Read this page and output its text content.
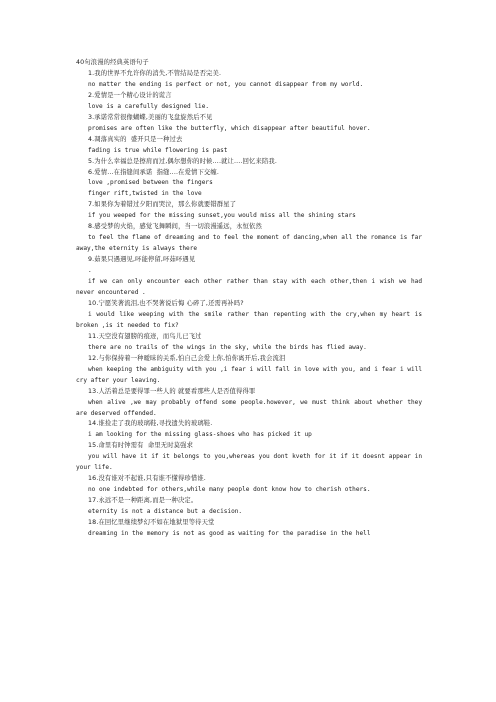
40句浪漫的经典英语句子

1.我的世界不允许你的消失,不管结局是否完美.

no matter the ending is perfect or not, you cannot disappear from my world.

2.爱情是一个精心设计的谎言

love is a carefully designed lie.

3.承诺常常很像蝴蝶,美丽的飞盘旋然后不见

promises are often like the butterfly, which disappear after beautiful hover.

4.凋落真实的  盛开只是一种过去

fading is true while flowering is past

5.为什么幸福总是擦肩而过,偶尔想你的时候....就让....回忆来陪我.

6.爱情...在指缝间承诺  指缝....在爱情下交缠.

love ,promised between the fingers

finger rift,twisted in the love

7.如果你为着错过夕阳而哭泣，那么你就要错群星了

if you weeped for the missing sunset,you would miss all the shining stars

8.感受梦的火焰，感觉飞舞瞬间，当一切浪漫遥远，永恒依然

to feel the flame of dreaming and to feel the moment of dancing,when all the romance is far away,the eternity is always there

9.茹果只遇遇见,吥能停留,吥茹吥遇见

.

if we can only encounter each other rather than stay with each other,then i wish we had never encountered .

10.宁愿笑著流泪,也不哭著说后悔 心碎了,还需再补吗?

i would like weeping with the smile rather than repenting with the cry,when my heart is broken ,is it needed to fix?

11.天空没有翅膀的痕迹，而鸟儿已飞过

there are no trails of the wings in the sky, while the birds has flied away.

12.与你保持着一种暧昧的关系,怕自己会爱上你,怕你离开后,我会流泪

when keeping the ambiguity with you ,i fear i will fall in love with you, and i fear i will cry after your leaving.

13.人活着总是要得罪一些人的 就要看那些人是否值得得罪

when alive ,we may probably offend some people.however, we must think about whether they are deserved offended.

14.谁捡走了我的玻璃鞋,寻找遗失的玻璃鞋.

i am looking for the missing glass-shoes who has picked it up

15.命里有时钟需有  命里无时莫强求

you will have it if it belongs to you,whereas you dont kveth for it if it doesnt appear in your life.

16.没有谁对不起谁,只有谁不懂得珍惜谁.

no one indebted for others,while many people dont know how to cherish others.

17.永远不是一种距离,而是一种决定。

eternity is not a distance but a decision.

18.在回忆里继续梦幻不如在地狱里等待天堂

dreaming in the memory is not as good as waiting for the paradise in the hell
